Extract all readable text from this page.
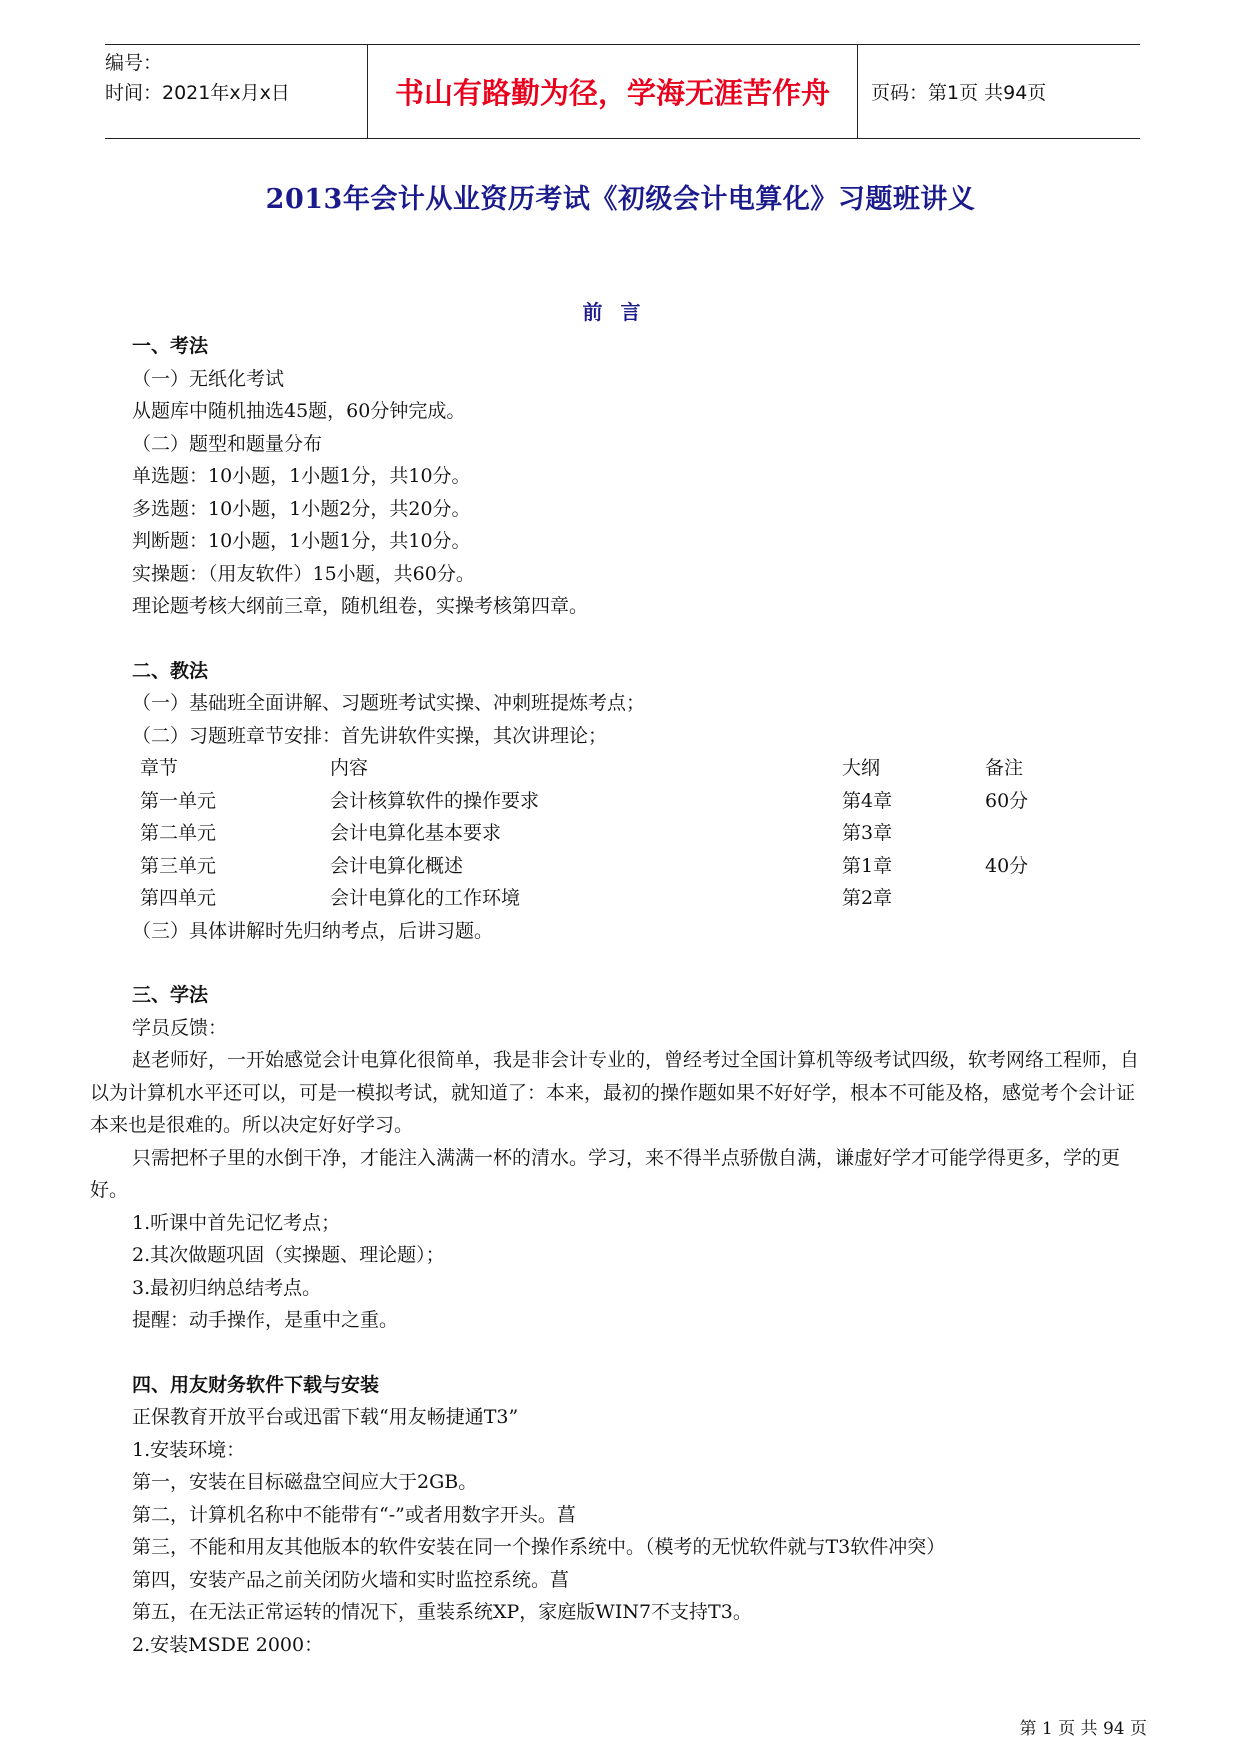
编号：
时间：2021年x月x日	书山有路勤为径，学海无涯苦作舟	页码：第1页 共94页
2013年会计从业资历考试《初级会计电算化》习题班讲义
前言
一、考法

（一）无纸化考试

从题库中随机抽选45题，60分钟完成。

（二）题型和题量分布

单选题：10小题，1小题1分，共10分。

多选题：10小题，1小题2分，共20分。

判断题：10小题，1小题1分，共10分。

实操题：（用友软件）15小题，共60分。

理论题考核大纲前三章，随机组卷，实操考核第四章。

二、教法

（一）基础班全面讲解、习题班考试实操、冲刺班提炼考点；

（二）习题班章节安排：首先讲软件实操，其次讲理论；

章节	内容	大纲	备注
第一单元	会计核算软件的操作要求	第4章	60分
第二单元	会计电算化基本要求	第3章	
第三单元	会计电算化概述	第1章	40分
第四单元	会计电算化的工作环境	第2章	

（三）具体讲解时先归纳考点，后讲习题。

三、学法

学员反馈：

赵老师好，一开始感觉会计电算化很简单，我是非会计专业的，曾经考过全国计算机等级考试四级，软考网络工程师，自以为计算机水平还可以，可是一模拟考试，就知道了：本来，最初的操作题如果不好好学，根本不可能及格，感觉考个会计证本来也是很难的。所以决定好好学习。

只需把杯子里的水倒干净，才能注入满满一杯的清水。学习，来不得半点骄傲自满，谦虚好学才可能学得更多，学的更好。

1.听课中首先记忆考点；

2.其次做题巩固（实操题、理论题）；

3.最初归纳总结考点。

提醒：动手操作，是重中之重。

四、用友财务软件下载与安装

正保教育开放平台或迅雷下载“用友畅捷通T3”

1.安装环境：

第一，安装在目标磁盘空间应大于2GB。

第二，计算机名称中不能带有“-”或者用数字开头。菖

第三，不能和用友其他版本的软件安装在同一个操作系统中。（模考的无忧软件就与T3软件冲突）

第四，安装产品之前关闭防火墙和实时监控系统。菖

第五，在无法正常运转的情况下，重装系统XP，家庭版WIN7不支持T3。

2.安装MSDE 2000：

第 1 页 共 94 页
